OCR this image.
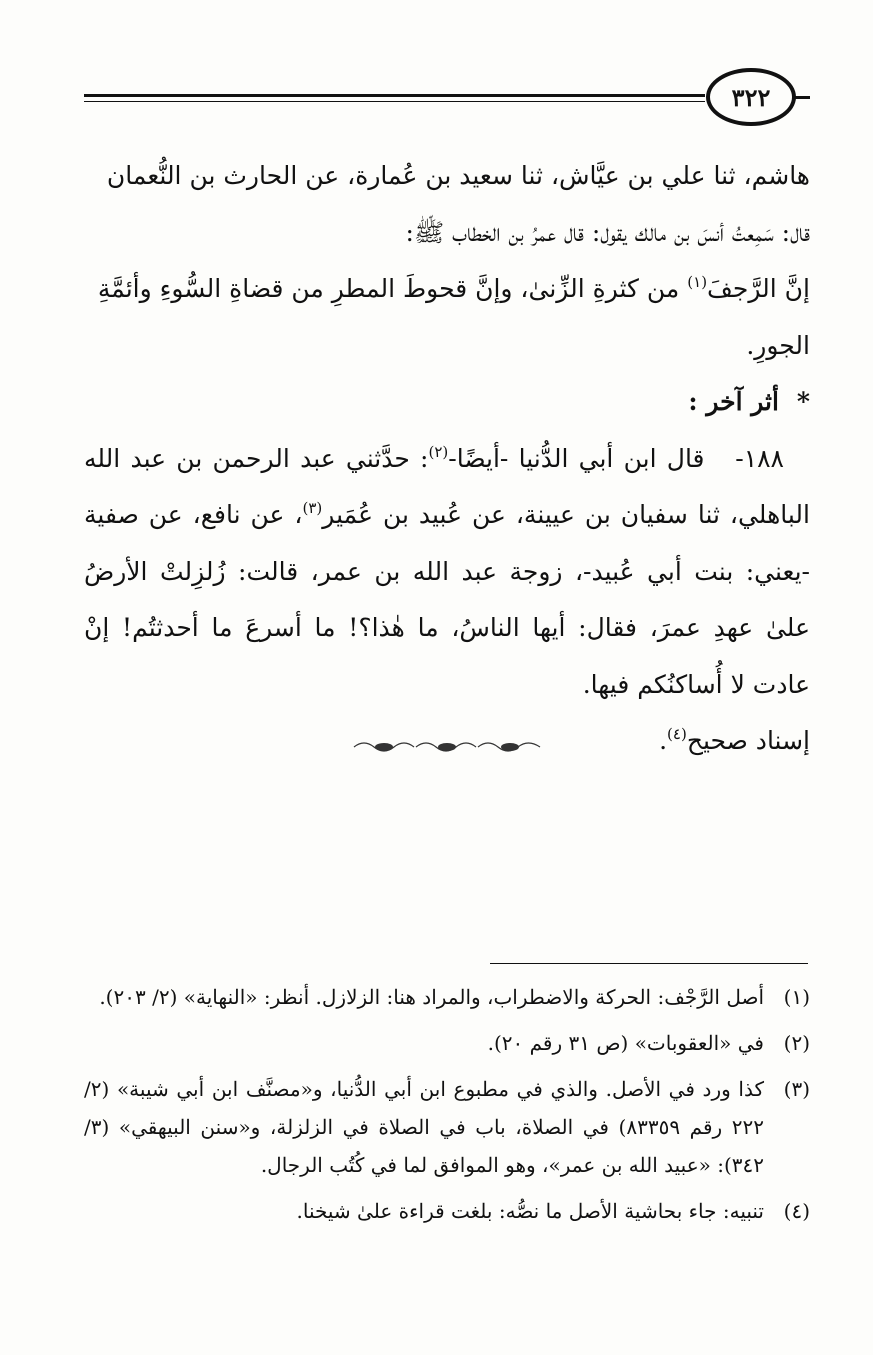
٣٢٢

هاشم، ثنا علي بن عيَّاش، ثنا سعيد بن عُمارة، عن الحارث بن النُّعمان

قال: سَمِعتُ أنسَ بن مالك يقول: قال عمرُ بن الخطاب ﷺ:

إنَّ الرَّجفَ$^{(١)}$ من كثرةِ الزِّنىٰ، وإنَّ قحوطَ المطرِ من قضاةِ السُّوءِ وأئمَّةِ

الجورِ.

*أثر آخر :

١٨٨-   قال ابن أبي الدُّنيا -أيضًا-$^{(٢)}$: حدَّثني عبد الرحمن بن عبد الله الباهلي، ثنا سفيان بن عيينة، عن عُبيد بن عُمَير$^{(٣)}$، عن نافع، عن صفية -يعني: بنت أبي عُبيد-، زوجة عبد الله بن عمر، قالت: زُلزِلتْ الأرضُ علىٰ عهدِ عمرَ، فقال: أيها الناسُ، ما هٰذا؟! ما أسرعَ ما أحدثتُم! إنْ عادت لا أُساكنُكم فيها.

إسناد صحيح$^{(٤)}$.

(١)
أصل الرَّجْف: الحركة والاضطراب، والمراد هنا: الزلازل. أنظر: «النهاية» (٢/ ٢٠٣).
(٢)
في «العقوبات» (ص ٣١ رقم ٢٠).
(٣)
كذا ورد في الأصل. والذي في مطبوع ابن أبي الدُّنيا، و«مصنَّف ابن أبي شيبة» (٢/ ٢٢٢ رقم ٨٣٣٥٩) في الصلاة، باب في الصلاة في الزلزلة، و«سنن البيهقي» (٣/ ٣٤٢): «عبيد الله بن عمر»، وهو الموافق لما في كُتُب الرجال.
(٤)
تنبيه: جاء بحاشية الأصل ما نصُّه: بلغت قراءة علىٰ شيخنا.
